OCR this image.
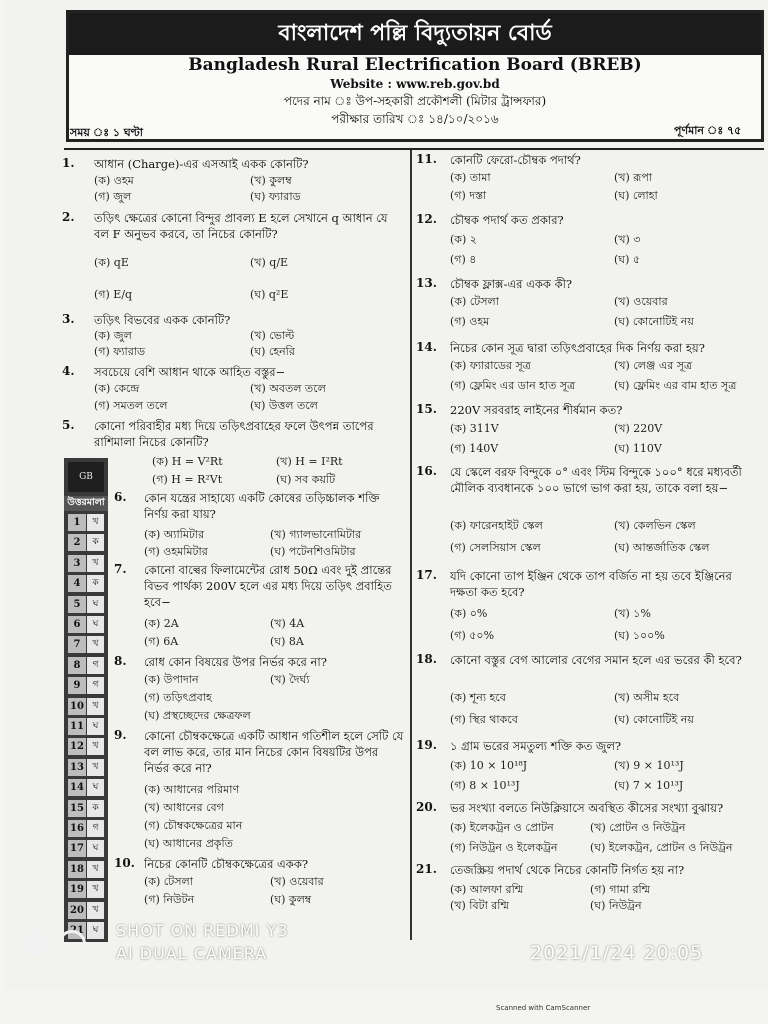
বাংলাদেশ পল্লি বিদ্যুতায়ন বোর্ড
Bangladesh Rural Electrification Board (BREB)
Website : www.reb.gov.bd
পদের নাম ঃ উপ-সহকারী প্রকৌশলী (মিটার ট্রান্সফার)
পরীক্ষার তারিখ ঃ ১৪/১০/২০১৬
সময় ঃ ১ ঘণ্টা	পূর্ণমান ঃ ৭৫
1. আধান (Charge)-এর এসআই একক কোনটি?
(ক) ওহম	(খ) কুলম্ব
(গ) জুল	(ঘ) ফ্যারাড
2. তড়িৎ ক্ষেত্রের কোনো বিন্দুর প্রাবল্য E হলে সেখানে q আধান যে বল F অনুভব করবে, তা নিচের কোনটি?
(ক) qE	(খ) q/E
(গ) E/q	(ঘ) q²E
3. তড়িৎ বিভবের একক কোনটি?
(ক) জুল	(খ) ভোল্ট
(গ) ফ্যারাড	(ঘ) হেনরি
4. সবচেয়ে বেশি আধান থাকে আহিত বস্তুর−
(ক) কেন্দ্রে	(খ) অবতল তলে
(গ) সমতল তলে	(ঘ) উত্তল তলে
5. কোনো পরিবাহীর মধ্য দিয়ে তড়িৎপ্রবাহের ফলে উৎপন্ন তাপের রাশিমালা নিচের কোনটি?
(ক) H = V²Rt	(খ) H = I²Rt
(গ) H = R²Vt	(ঘ) সব কয়টি
6. কোন যন্ত্রের সাহায্যে একটি কোষের তড়িচ্চালক শক্তি নির্ণয় করা যায়?
(ক) অ্যামিটার	(খ) গ্যালভানোমিটার
(গ) ওহমমিটার	(ঘ) পটেনশিওমিটার
7. কোনো বাল্বের ফিলামেন্টের রোধ 50Ω এবং দুই প্রান্তের বিভব পার্থক্য 200V হলে এর মধ্য দিয়ে তড়িৎ প্রবাহিত হবে−
(ক) 2A	(খ) 4A
(গ) 6A	(ঘ) 8A
8. রোধ কোন বিষয়ের উপর নির্ভর করে না?
(ক) উপাদান	(খ) দৈর্ঘ্য
(গ) তড়িৎপ্রবাহ
(ঘ) প্রস্থচ্ছেদের ক্ষেত্রফল
9. কোনো চৌম্বকক্ষেত্রে একটি আধান গতিশীল হলে সেটি যে বল লাভ করে, তার মান নিচের কোন বিষয়টির উপর নির্ভর করে না?
(ক) আধানের পরিমাণ
(খ) আধানের বেগ
(গ) চৌম্বকক্ষেত্রের মান
(ঘ) আধানের প্রকৃতি
10. নিচের কোনটি চৌম্বকক্ষেত্রের একক?
(ক) টেসলা	(খ) ওয়েবার
(গ) নিউটন	(ঘ) কুলম্ব
11. কোনটি ফেরো-চৌম্বক পদার্থ?
(ক) তামা	(খ) রূপা
(গ) দস্তা	(ঘ) লোহা
12. চৌম্বক পদার্থ কত প্রকার?
(ক) ২	(খ) ৩
(গ) ৪	(ঘ) ৫
13. চৌম্বক ফ্লাক্স-এর একক কী?
(ক) টেসলা	(খ) ওয়েবার
(গ) ওহম	(ঘ) কোনোটিই নয়
14. নিচের কোন সূত্র দ্বারা তড়িৎপ্রবাহের দিক নির্ণয় করা হয়?
(ক) ফ্যারাডের সূত্র	(খ) লেঞ্জ এর সূত্র
(গ) ফ্লেমিং এর ডান হাত সূত্র	(ঘ) ফ্লেমিং এর বাম হাত সূত্র
15. 220V সরবরাহ লাইনের শীর্ষমান কত?
(ক) 311V	(খ) 220V
(গ) 140V	(ঘ) 110V
16. যে স্কেলে বরফ বিন্দুকে ০° এবং স্টিম বিন্দুকে ১০০° ধরে মধ্যবর্তী মৌলিক ব্যবধানকে ১০০ ভাগে ভাগ করা হয়, তাকে বলা হয়−
(ক) ফারেনহাইট স্কেল	(খ) কেলভিন স্কেল
(গ) সেলসিয়াস স্কেল	(ঘ) আন্তর্জাতিক স্কেল
17. যদি কোনো তাপ ইঞ্জিন থেকে তাপ বর্জিত না হয় তবে ইঞ্জিনের দক্ষতা কত হবে?
(ক) ০%	(খ) ১%
(গ) ৫০%	(ঘ) ১০০%
18. কোনো বস্তুর বেগ আলোর বেগের সমান হলে এর ভরের কী হবে?
(ক) শূন্য হবে	(খ) অসীম হবে
(গ) স্থির থাকবে	(ঘ) কোনোটিই নয়
19. ১ গ্রাম ভরের সমতুল্য শক্তি কত জুল?
(ক) 10 × 10¹⁸J	(খ) 9 × 10¹³J
(গ) 8 × 10¹³J	(ঘ) 7 × 10¹³J
20. ভর সংখ্যা বলতে নিউক্লিয়াসে অবস্থিত কীসের সংখ্যা বুঝায়?
(ক) ইলেকট্রন ও প্রোটন	(খ) প্রোটন ও নিউট্রন
(গ) নিউট্রন ও ইলেকট্রন	(ঘ) ইলেকট্রন, প্রোটন ও নিউট্রন
21. তেজস্ক্রিয় পদার্থ থেকে নিচের কোনটি নির্গত হয় না?
(ক) আলফা রশ্মি
(খ) বিটা রশ্মি
(গ) গামা রশ্মি
(ঘ) নিউট্রন
GB
উত্তরমালা
1	খ
2	ক
3	খ
4	ক
5	ঘ
6	ঘ
7	খ
8	গ
9	গ
10 খ
11 ঘ
12 খ
13 খ
14 ঘ
15 ক
16 গ
17 ঘ
18 খ
19 খ
20 খ
21 ঘ	SHOT ON REDMI Y3
AI DUAL CAMERA	2021/1/24 20:05
Scanned with CamScanner
